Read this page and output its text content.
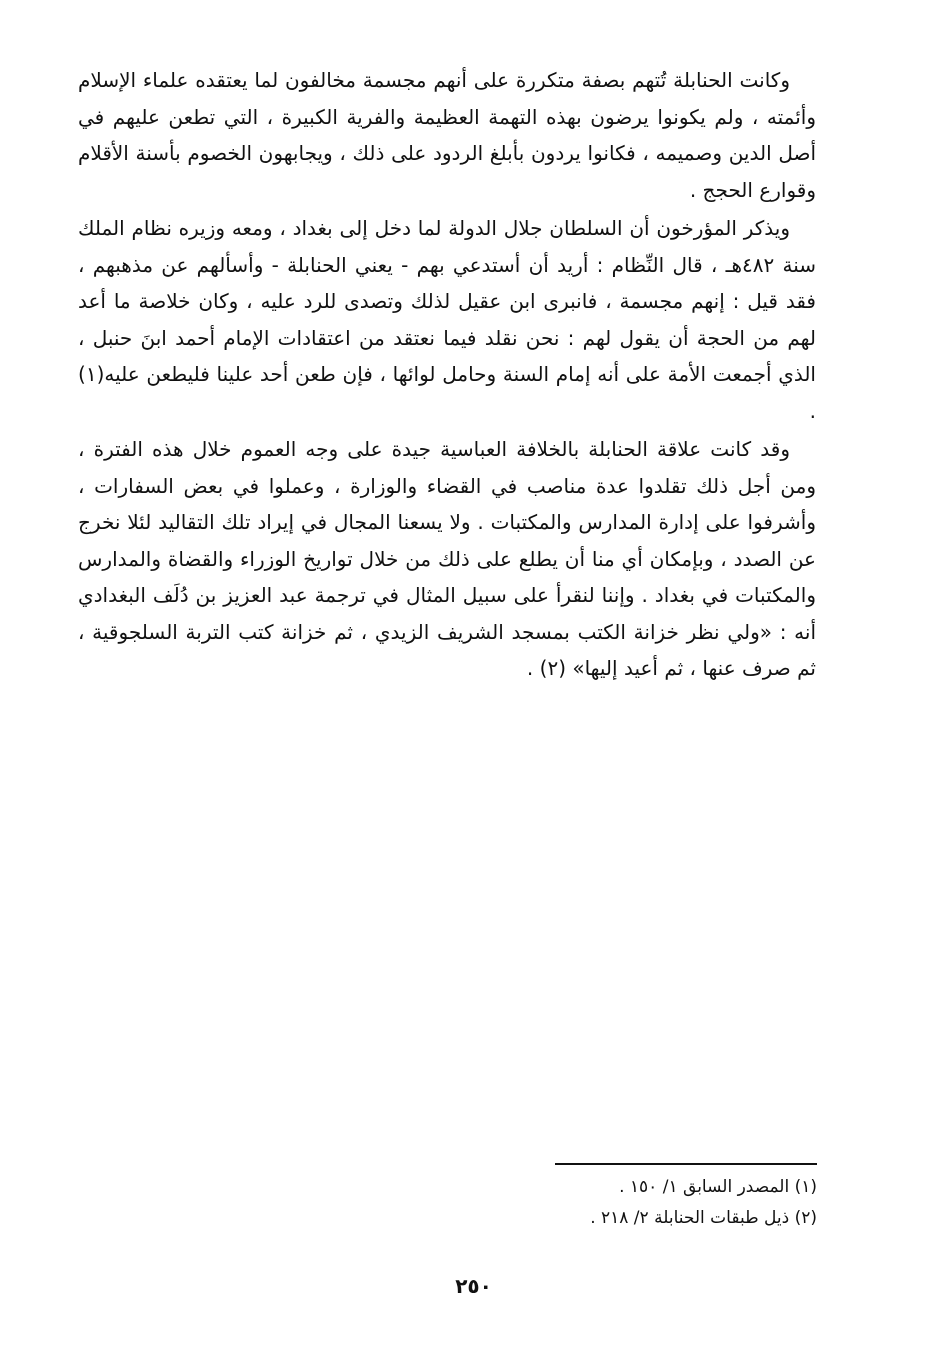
وكانت الحنابلة تُتهم بصفة متكررة على أنهم مجسمة مخالفون لما يعتقده علماء الإسلام وأئمته ، ولم يكونوا يرضون بهذه التهمة العظيمة والفرية الكبيرة ، التي تطعن عليهم في أصل الدين وصميمه ، فكانوا يردون بأبلغ الردود على ذلك ، ويجابهون الخصوم بأسنة الأقلام وقوارع الحجج .

ويذكر المؤرخون أن السلطان جلال الدولة لما دخل إلى بغداد ، ومعه وزيره نظام الملك سنة ٤٨٢هـ ، قال النِّظام : أريد أن أستدعي بهم - يعني الحنابلة - وأسألهم عن مذهبهم ، فقد قيل : إنهم مجسمة ، فانبرى ابن عقيل لذلك وتصدى للرد عليه ، وكان خلاصة ما أعد لهم من الحجة أن يقول لهم : نحن نقلد فيما نعتقد من اعتقادات الإمام أحمد ابنَ حنبل ، الذي أجمعت الأمة على أنه إمام السنة وحامل لوائها ، فإن طعن أحد علينا فليطعن عليه(١) .

وقد كانت علاقة الحنابلة بالخلافة العباسية جيدة على وجه العموم خلال هذه الفترة ، ومن أجل ذلك تقلدوا عدة مناصب في القضاء والوزارة ، وعملوا في بعض السفارات ، وأشرفوا على إدارة المدارس والمكتبات . ولا يسعنا المجال في إيراد تلك التقاليد لئلا نخرج عن الصدد ، وبإمكان أي منا أن يطلع على ذلك من خلال تواريخ الوزراء والقضاة والمدارس والمكتبات في بغداد . وإننا لنقرأ على سبيل المثال في ترجمة عبد العزيز بن دُلَف البغدادي أنه : «ولي نظر خزانة الكتب بمسجد الشريف الزيدي ، ثم خزانة كتب التربة السلجوقية ، ثم صرف عنها ، ثم أعيد إليها» (٢) .

(١) المصدر السابق ١/ ١٥٠ .

(٢) ذيل طبقات الحنابلة ٢/ ٢١٨ .

٢٥٠
